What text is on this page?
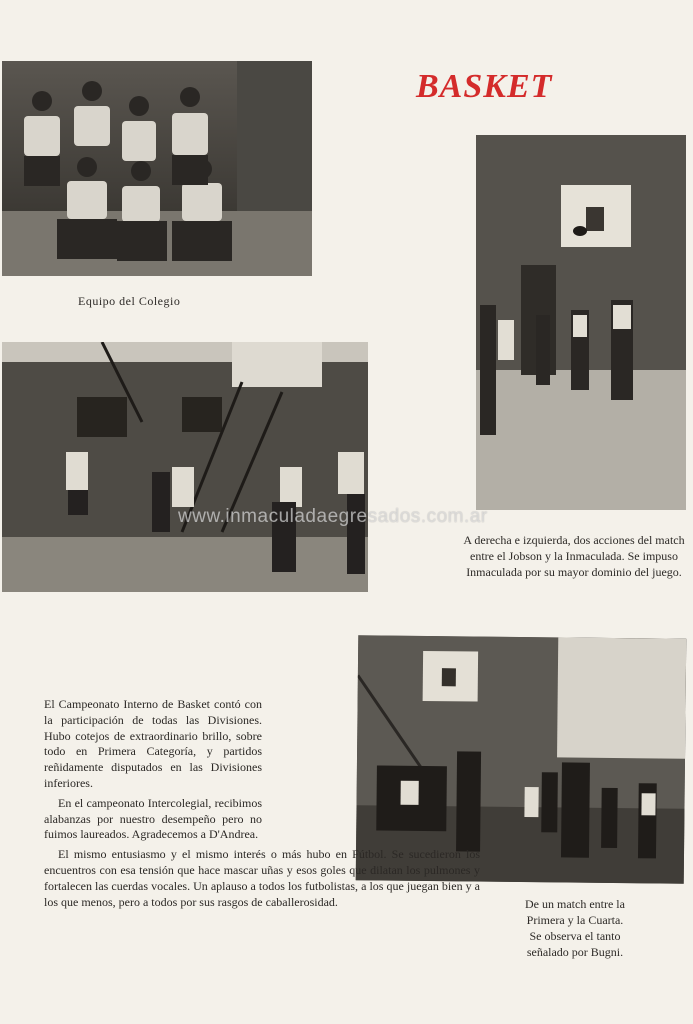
BASKET
Equipo del Colegio
A derecha e izquierda, dos acciones del match entre el Jobson y la Inmaculada. Se impuso Inmaculada por su mayor dominio del juego.
www.inmaculadaegresados.com.ar
De un match entre la Primera y la Cuarta. Se observa el tanto señalado por Bugni.

El Campeonato Interno de Basket contó con la participación de todas las Divisiones. Hubo cotejos de extraordinario brillo, sobre todo en Primera Categoría, y partidos reñidamente disputados en las Divisiones inferiores.

En el campeonato Intercolegial, recibimos alabanzas por nuestro desempeño pero no fuimos laureados. Agradecemos a D'Andrea.

El mismo entusiasmo y el mismo interés o más hubo en Fútbol. Se sucedieron los encuentros con esa tensión que hace mascar uñas y esos goles que dilatan los pulmones y fortalecen las cuerdas vocales. Un aplauso a todos los futbolistas, a los que juegan bien y a los que menos, pero a todos por sus rasgos de caballerosidad.
